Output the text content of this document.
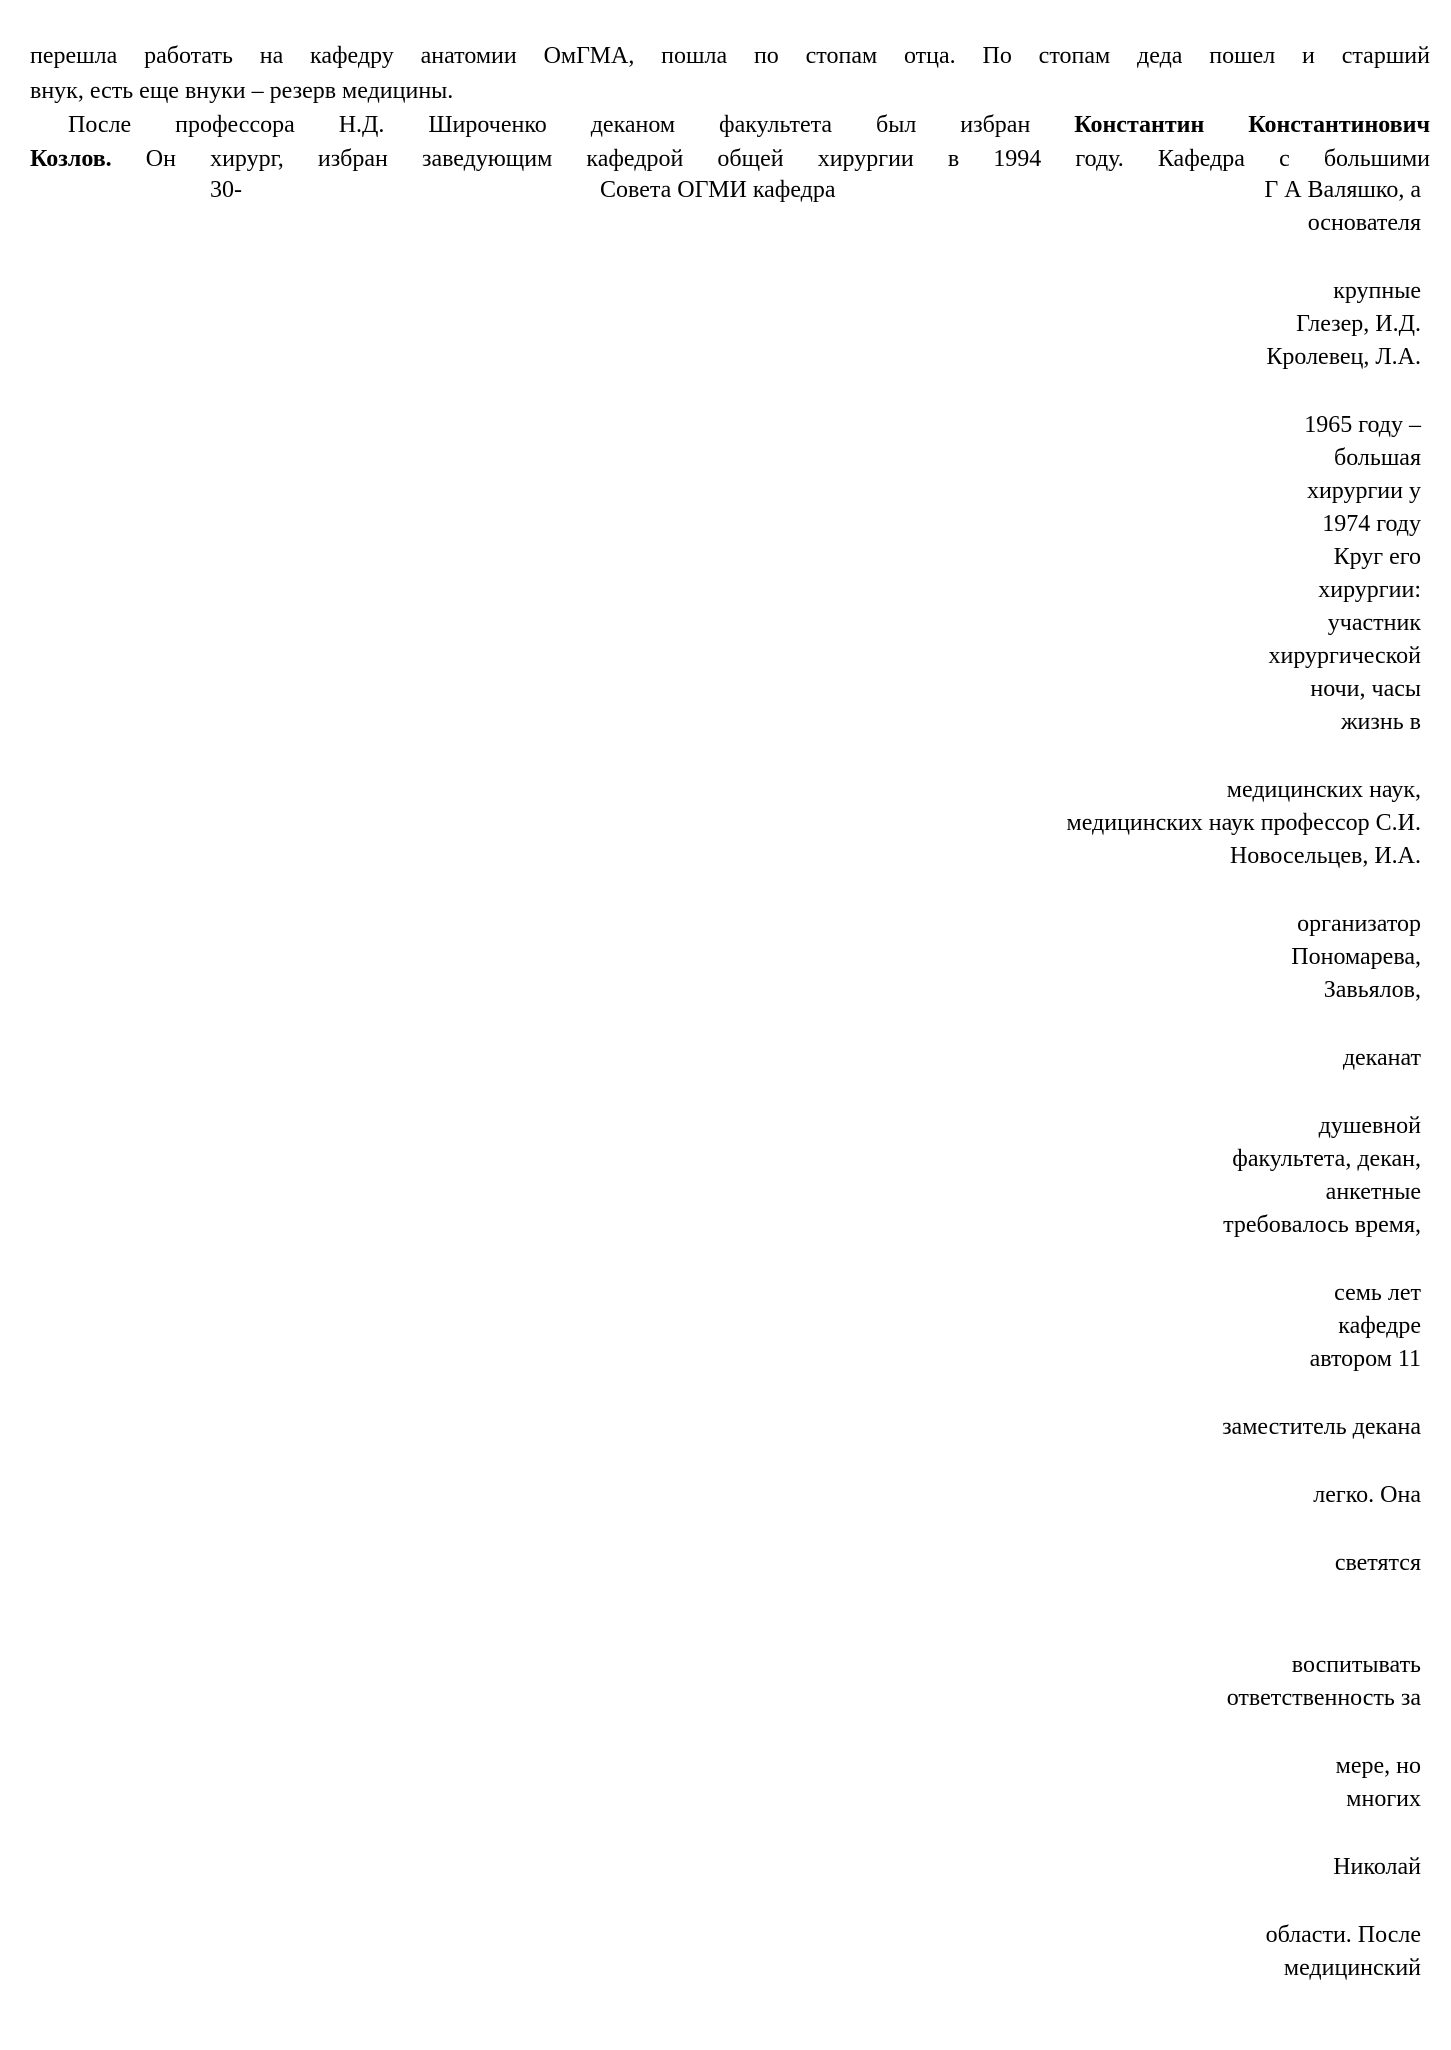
перешла работать на кафедру анатомии ОмГМА, пошла по стопам отца. По стопам деда пошел и старший
внук, есть еще внуки – резерв медицины.
После профессора Н.Д. Широченко деканом факультета был избран Константин Константинович
Козлов. Он хирург, избран заведующим кафедрой общей хирургии в 1994 году. Кафедра с большими
30-	Совета ОГМИ кафедра	Г А Валяшко, а
основателя
крупные
Глезер, И.Д.
Кролевец, Л.А.
1965 году –
большая
хирургии у
1974 году
Круг его
хирургии:
участник
хирургической
ночи, часы
жизнь в
медицинских наук,
медицинских наук профессор С.И.
Новосельцев, И.А.
организатор
Пономарева,
Завьялов,
деканат
душевной
факультета, декан,
анкетные
требовалось время,
семь лет
кафедре
автором 11
заместитель декана
легко. Она
светятся
воспитывать
ответственность за
мере, но
многих
Николай
области. После
медицинский
